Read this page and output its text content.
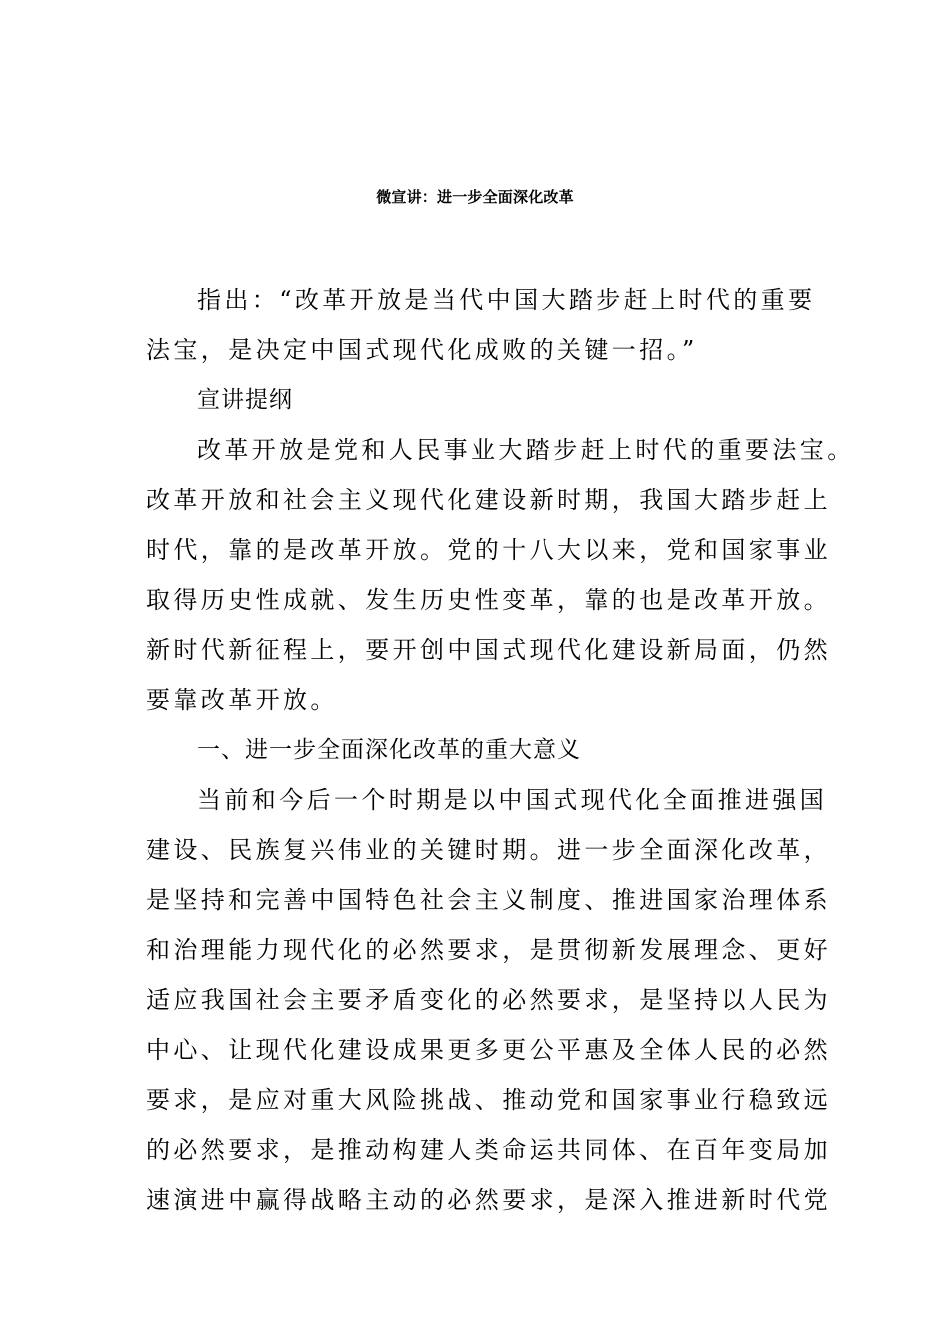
微宣讲：进一步全面深化改革
指出：“改革开放是当代中国大踏步赶上时代的重要
法宝，是决定中国式现代化成败的关键一招。”
宣讲提纲
改革开放是党和人民事业大踏步赶上时代的重要法宝。
改革开放和社会主义现代化建设新时期，我国大踏步赶上
时代，靠的是改革开放。党的十八大以来，党和国家事业
取得历史性成就、发生历史性变革，靠的也是改革开放。
新时代新征程上，要开创中国式现代化建设新局面，仍然
要靠改革开放。
一、进一步全面深化改革的重大意义
当前和今后一个时期是以中国式现代化全面推进强国
建设、民族复兴伟业的关键时期。进一步全面深化改革，
是坚持和完善中国特色社会主义制度、推进国家治理体系
和治理能力现代化的必然要求，是贯彻新发展理念、更好
适应我国社会主要矛盾变化的必然要求，是坚持以人民为
中心、让现代化建设成果更多更公平惠及全体人民的必然
要求，是应对重大风险挑战、推动党和国家事业行稳致远
的必然要求，是推动构建人类命运共同体、在百年变局加
速演进中赢得战略主动的必然要求，是深入推进新时代党
